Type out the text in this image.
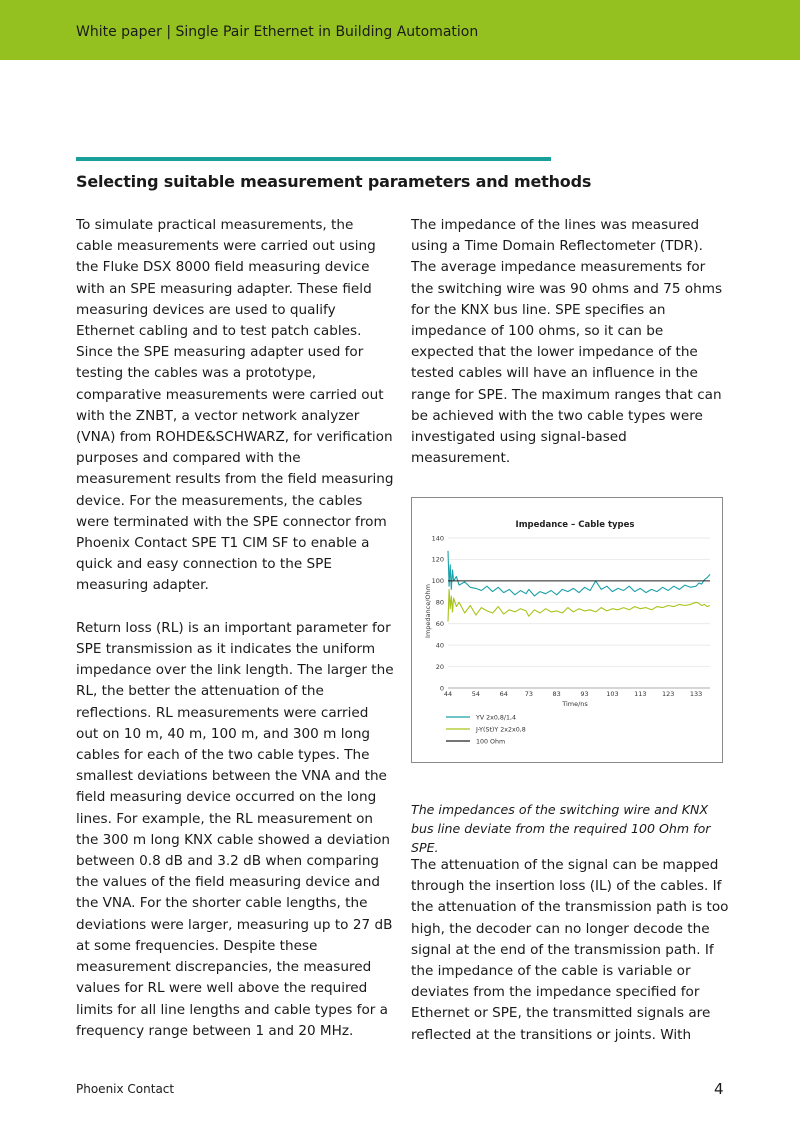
White paper | Single Pair Ethernet in Building Automation
Selecting suitable measurement parameters and methods

To simulate practical measurements, the cable measurements were carried out using the Fluke DSX 8000 field measuring device with an SPE measuring adapter. These field measuring devices are used to qualify Ethernet cabling and to test patch cables. Since the SPE measuring adapter used for testing the cables was a prototype, comparative measurements were carried out with the ZNBT, a vector network analyzer (VNA) from ROHDE&SCHWARZ, for verification purposes and compared with the measurement results from the field measuring device. For the measurements, the cables were terminated with the SPE connector from Phoenix Contact SPE T1 CIM SF to enable a quick and easy connection to the SPE measuring adapter.

Return loss (RL) is an important parameter for SPE transmission as it indicates the uniform impedance over the link length. The larger the RL, the better the attenuation of the reflections. RL measurements were carried out on 10 m, 40 m, 100 m, and 300 m long cables for each of the two cable types. The smallest deviations between the VNA and the field measuring device occurred on the long lines. For example, the RL measurement on the 300 m long KNX cable showed a deviation between 0.8 dB and 3.2 dB when comparing the values of the field measuring device and the VNA. For the shorter cable lengths, the deviations were larger, measuring up to 27 dB at some frequencies. Despite these measurement discrepancies, the measured values for RL were well above the required limits for all line lengths and cable types for a frequency range between 1 and 20 MHz.

The impedance of the lines was measured using a Time Domain Reflectometer (TDR). The average impedance measurements for the switching wire was 90 ohms and 75 ohms for the KNX bus line. SPE specifies an impedance of 100 ohms, so it can be expected that the lower impedance of the tested cables will have an influence in the range for SPE. The maximum ranges that can be achieved with the two cable types were investigated using signal-based measurement.

0
20
40
60
80
100
120
140
44	54	64	73	83	93	103 113 123 133
YV 2x0,8/1,4
J-Y(St)Y 2x2x0,8
100 Ohm
Impedance – Cable types
Time/ns
Impedance/Ohm
The impedances of the switching wire and KNX bus line deviate from the required 100 Ohm for SPE.

The attenuation of the signal can be mapped through the insertion loss (IL) of the cables. If the attenuation of the transmission path is too high, the decoder can no longer decode the signal at the end of the transmission path. If the impedance of the cable is variable or deviates from the impedance specified for Ethernet or SPE, the transmitted signals are reflected at the transitions or joints. With

Phoenix Contact	4
